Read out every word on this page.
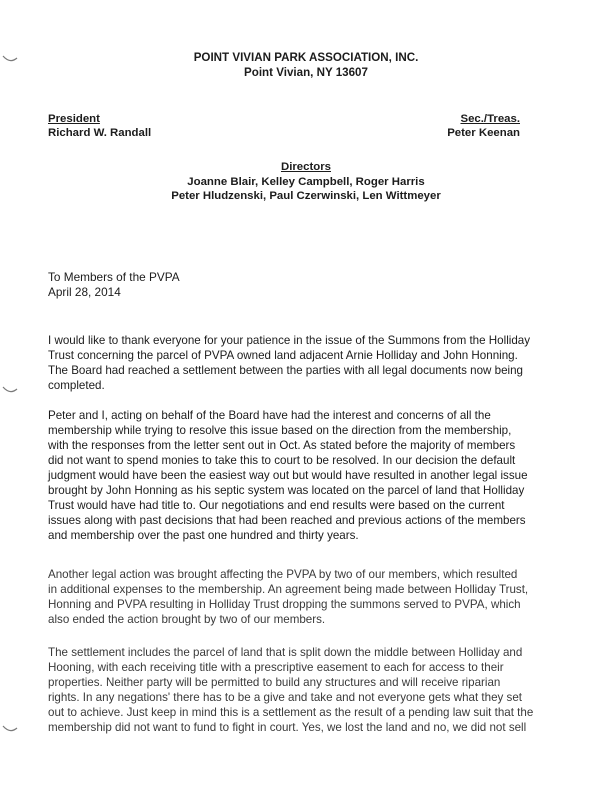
POINT VIVIAN PARK ASSOCIATION, INC.
Point Vivian, NY 13607
President
Richard W. Randall
Sec./Treas.
Peter Keenan
Directors
Joanne Blair, Kelley Campbell, Roger Harris
Peter Hludzenski, Paul Czerwinski, Len Wittmeyer
To Members of the PVPA
April 28, 2014
I would like to thank everyone for your patience in the issue of the Summons from the Holliday
Trust concerning the parcel of PVPA owned land adjacent Arnie Holliday and John Honning.
The Board had reached a settlement between the parties with all legal documents now being
completed.
Peter and I, acting on behalf of the Board have had the interest and concerns of all the
membership while trying to resolve this issue based on the direction from the membership,
with the responses from the letter sent out in Oct. As stated before the majority of members
did not want to spend monies to take this to court to be resolved. In our decision the default
judgment would have been the easiest way out but would have resulted in another legal issue
brought by John Honning as his septic system was located on the parcel of land that Holliday
Trust would have had title to. Our negotiations and end results were based on the current
issues along with past decisions that had been reached and previous actions of the members
and membership over the past one hundred and thirty years.
Another legal action was brought affecting the PVPA by two of our members, which resulted
in additional expenses to the membership. An agreement being made between Holliday Trust,
Honning and PVPA resulting in Holliday Trust dropping the summons served to PVPA, which
also ended the action brought by two of our members.
The settlement includes the parcel of land that is split down the middle between Holliday and
Hooning, with each receiving title with a prescriptive easement to each for access to their
properties. Neither party will be permitted to build any structures and will receive riparian
rights. In any negations' there has to be a give and take and not everyone gets what they set
out to achieve. Just keep in mind this is a settlement as the result of a pending law suit that the
membership did not want to fund to fight in court. Yes, we lost the land and no, we did not sell
